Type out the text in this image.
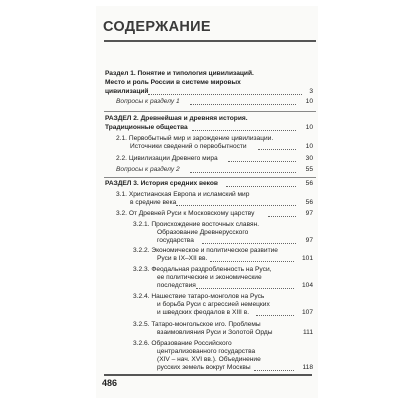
СОДЕРЖАНИЕ
Раздел 1. Понятие и типология цивилизаций.
Место и роль России в системе мировых
цивилизаций	3
Вопросы к разделу 1	10
РАЗДЕЛ 2. Древнейшая и древняя история.
Традиционные общества	10
2.1. Первобытный мир и зарождение цивилизации.
Источники сведений о первобытности	10
2.2. Цивилизации Древнего мира	30
Вопросы к разделу 2	55
РАЗДЕЛ 3. История средних веков	56
3.1. Христианская Европа и исламский мир
в средние века	56
3.2. От Древней Руси к Московскому царству	97
3.2.1. Происхождение восточных славян.
Образование Древнерусского
государства	97
3.2.2. Экономическое и политическое развитие
Руси в IX–XII вв.	101
3.2.3. Феодальная раздробленность на Руси,
ее политические и экономические
последствия	104
3.2.4. Нашествие татаро-монголов на Русь
и борьба Руси с агрессией немецких
и шведских феодалов в XIII в.	107
3.2.5. Татаро-монгольское иго. Проблемы
взаимовлияния Руси и Золотой Орды	111
3.2.6. Образование Российского
централизованного государства
(XIV – нач. XVI вв.). Объединение
русских земель вокруг Москвы	118
486
